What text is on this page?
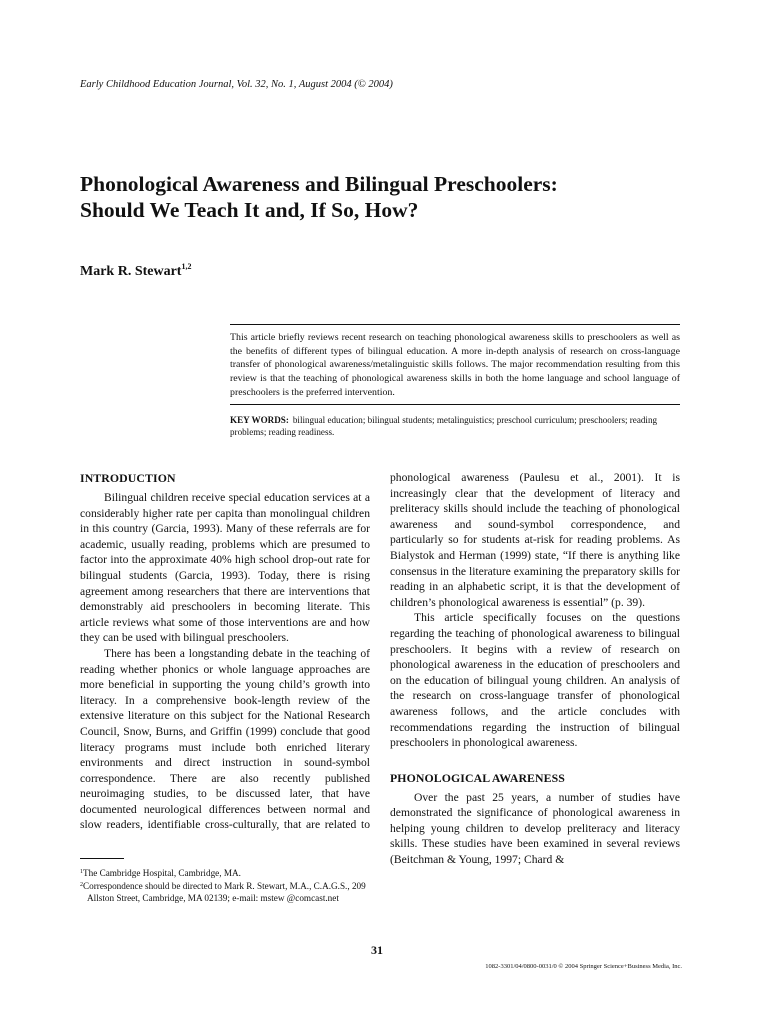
Early Childhood Education Journal, Vol. 32, No. 1, August 2004 (© 2004)
Phonological Awareness and Bilingual Preschoolers:
Should We Teach It and, If So, How?
Mark R. Stewart$^{1,2}$

This article briefly reviews recent research on teaching phonological awareness skills to preschoolers as well as the benefits of different types of bilingual education. A more in-depth analysis of research on cross-language transfer of phonological awareness/metalinguistic skills follows. The major recommendation resulting from this review is that the teaching of phonological awareness skills in both the home language and school language of preschoolers is the preferred intervention.

KEY WORDS: bilingual education; bilingual students; metalinguistics; preschool curriculum; preschoolers; reading problems; reading readiness.

INTRODUCTION

Bilingual children receive special education services at a considerably higher rate per capita than monolingual children in this country (Garcia, 1993). Many of these referrals are for academic, usually reading, problems which are presumed to factor into the approximate 40% high school drop-out rate for bilingual students (Garcia, 1993). Today, there is rising agreement among researchers that there are interventions that demonstrably aid preschoolers in becoming literate. This article reviews what some of those interventions are and how they can be used with bilingual preschoolers.

There has been a longstanding debate in the teaching of reading whether phonics or whole language approaches are more beneficial in supporting the young child’s growth into literacy. In a comprehensive book-length review of the extensive literature on this subject for the National Research Council, Snow, Burns, and Griffin (1999) conclude that good literacy programs must include both enriched literary environments and direct instruction in sound-symbol correspondence. There are also recently published neuroimaging studies, to be discussed later, that have documented neurological differences between normal and slow readers, identifiable cross-culturally, that are related to

phonological awareness (Paulesu et al., 2001). It is increasingly clear that the development of literacy and preliteracy skills should include the teaching of phonological awareness and sound-symbol correspondence, and particularly so for students at-risk for reading problems. As Bialystok and Herman (1999) state, “If there is anything like consensus in the literature examining the preparatory skills for reading in an alphabetic script, it is that the development of children’s phonological awareness is essential” (p. 39).

This article specifically focuses on the questions regarding the teaching of phonological awareness to bilingual preschoolers. It begins with a review of research on phonological awareness in the education of preschoolers and on the education of bilingual young children. An analysis of the research on cross-language transfer of phonological awareness follows, and the article concludes with recommendations regarding the instruction of bilingual preschoolers in phonological awareness.

PHONOLOGICAL AWARENESS

Over the past 25 years, a number of studies have demonstrated the significance of phonological awareness in helping young children to develop preliteracy and literacy skills. These studies have been examined in several reviews (Beitchman & Young, 1997; Chard &

$^1$The Cambridge Hospital, Cambridge, MA.
$^2$Correspondence should be directed to Mark R. Stewart, M.A., C.A.G.S., 209 Allston Street, Cambridge, MA 02139; e-mail: mstew @comcast.net
31
1082-3301/04/0800-0031/0 © 2004 Springer Science+Business Media, Inc.
